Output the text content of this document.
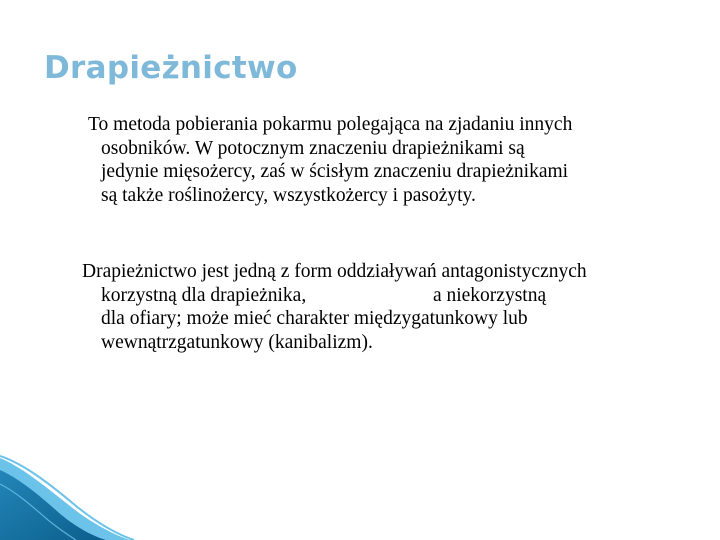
Drapieżnictwo

To metoda pobierania pokarmu polegająca na zjadaniu innych
osobników. W potocznym znaczeniu drapieżnikami są
jedynie mięsożercy, zaś w ścisłym znaczeniu drapieżnikami
są także roślinożercy, wszystkożercy i pasożyty.

Drapieżnictwo jest jedną z form oddziaływań antagonistycznych
korzystną dla drapieżnika,                          a niekorzystną
dla ofiary; może mieć charakter międzygatunkowy lub
wewnątrzgatunkowy (kanibalizm).
